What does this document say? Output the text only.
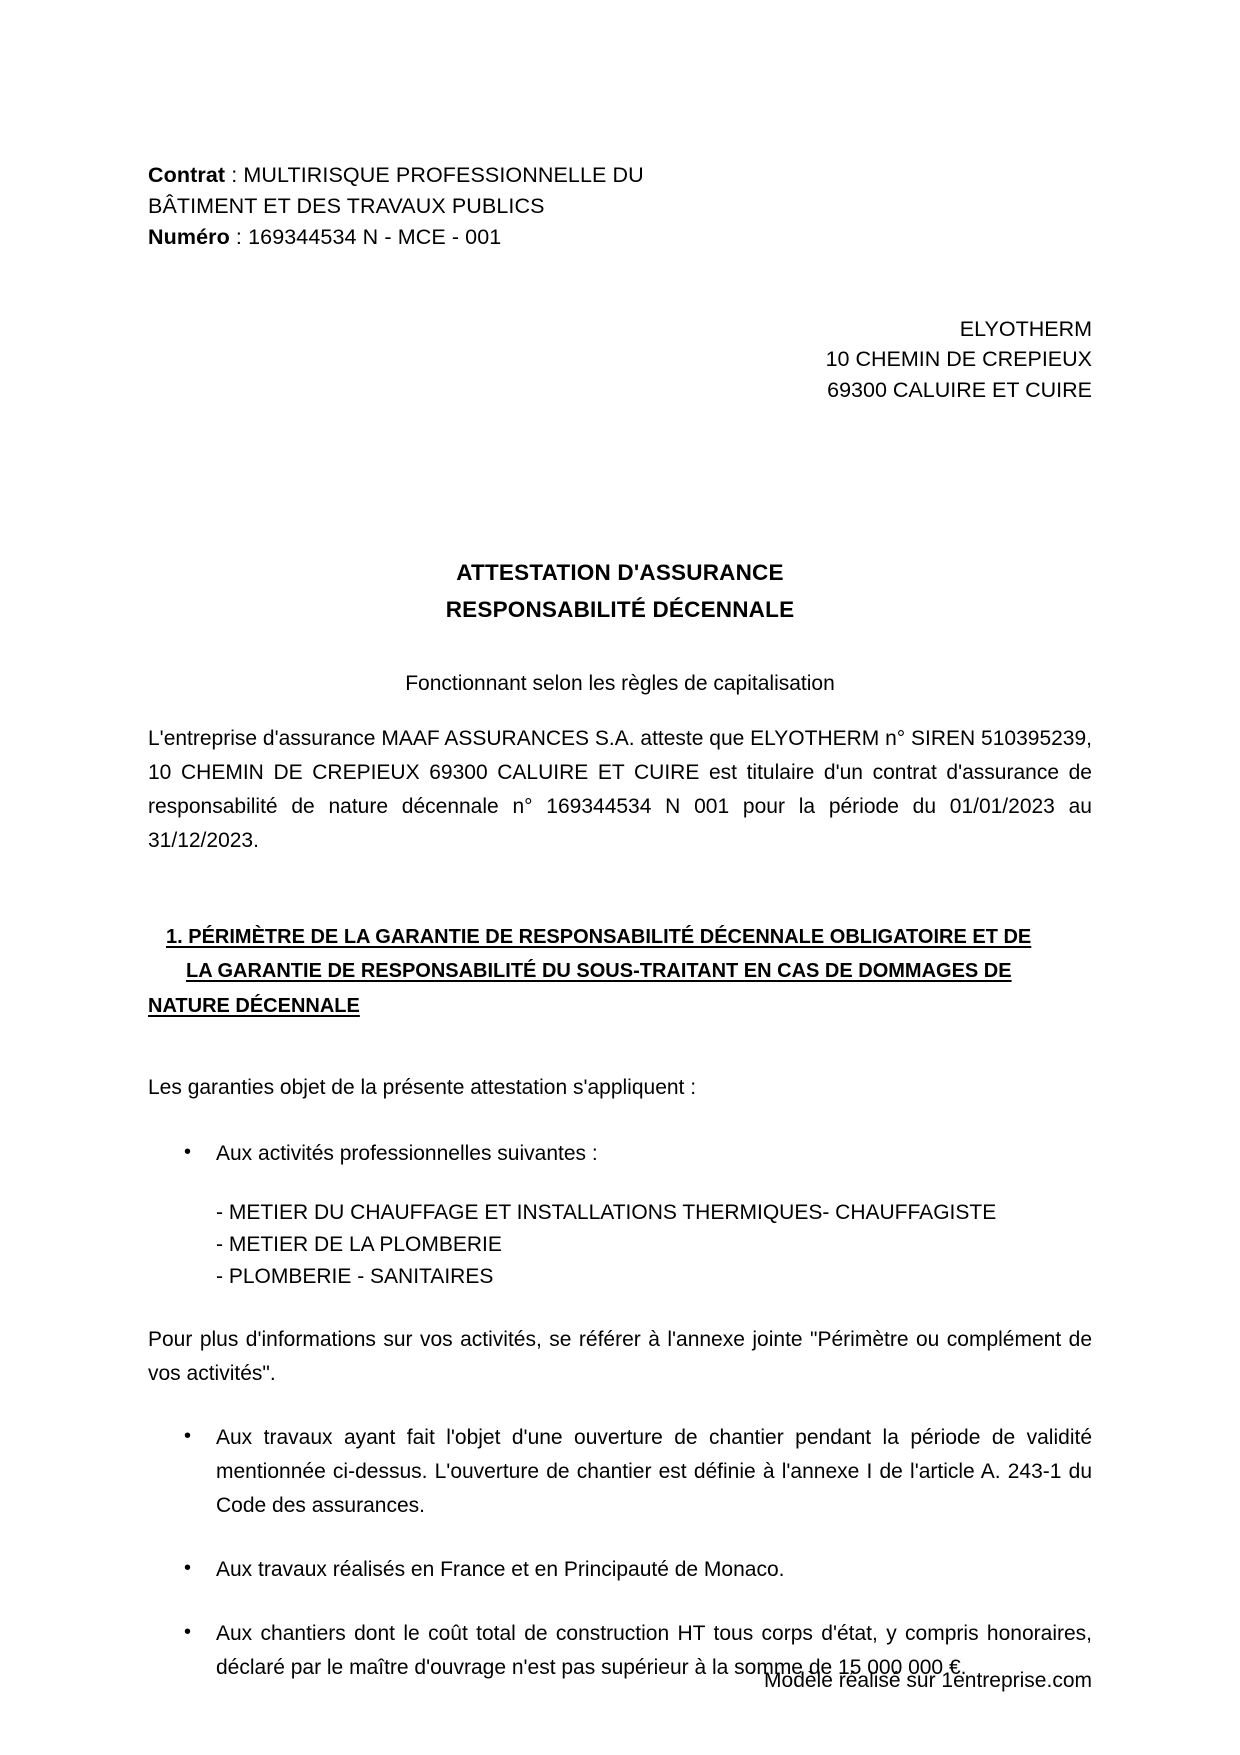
Contrat : MULTIRISQUE PROFESSIONNELLE DU
BÂTIMENT ET DES TRAVAUX PUBLICS
Numéro : 169344534 N - MCE - 001
ELYOTHERM
10 CHEMIN DE CREPIEUX
69300 CALUIRE ET CUIRE
ATTESTATION D'ASSURANCE
RESPONSABILITÉ DÉCENNALE
Fonctionnant selon les règles de capitalisation

L'entreprise d'assurance MAAF ASSURANCES S.A. atteste que ELYOTHERM n° SIREN 510395239, 10 CHEMIN DE CREPIEUX 69300 CALUIRE ET CUIRE est titulaire d'un contrat d'assurance de responsabilité de nature décennale n° 169344534 N 001 pour la période du 01/01/2023 au 31/12/2023.

1. PÉRIMÈTRE DE LA GARANTIE DE RESPONSABILITÉ DÉCENNALE OBLIGATOIRE ET DE
LA GARANTIE DE RESPONSABILITÉ DU SOUS-TRAITANT EN CAS DE DOMMAGES DE
NATURE DÉCENNALE
Les garanties objet de la présente attestation s'appliquent :
• Aux activités professionnelles suivantes :
- METIER DU CHAUFFAGE ET INSTALLATIONS THERMIQUES- CHAUFFAGISTE
- METIER DE LA PLOMBERIE
- PLOMBERIE - SANITAIRES

Pour plus d'informations sur vos activités, se référer à l'annexe jointe "Périmètre ou complément de vos activités".

• Aux travaux ayant fait l'objet d'une ouverture de chantier pendant la période de validité mentionnée ci-dessus. L'ouverture de chantier est définie à l'annexe I de l'article A. 243-1 du Code des assurances.
• Aux travaux réalisés en France et en Principauté de Monaco.
• Aux chantiers dont le coût total de construction HT tous corps d'état, y compris honoraires, déclaré par le maître d'ouvrage n'est pas supérieur à la somme de 15 000 000 €.
Modèle réalisé sur 1entreprise.com
